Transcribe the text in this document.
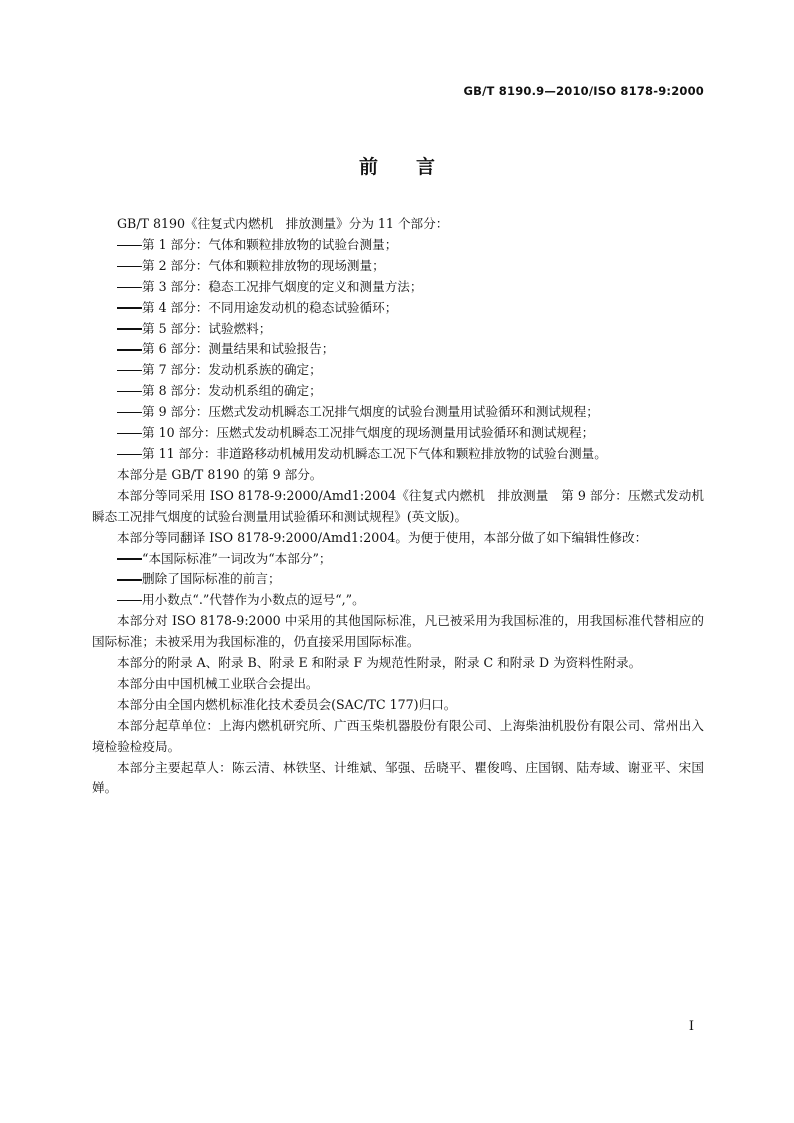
GB/T 8190.9—2010/ISO 8178-9:2000
前言

GB/T 8190《往复式内燃机　排放测量》分为 11 个部分：

第 1 部分：气体和颗粒排放物的试验台测量；

第 2 部分：气体和颗粒排放物的现场测量；

第 3 部分：稳态工况排气烟度的定义和测量方法；

第 4 部分：不同用途发动机的稳态试验循环；

第 5 部分：试验燃料；

第 6 部分：测量结果和试验报告；

第 7 部分：发动机系族的确定；

第 8 部分：发动机系组的确定；

第 9 部分：压燃式发动机瞬态工况排气烟度的试验台测量用试验循环和测试规程；

第 10 部分：压燃式发动机瞬态工况排气烟度的现场测量用试验循环和测试规程；

第 11 部分：非道路移动机械用发动机瞬态工况下气体和颗粒排放物的试验台测量。

本部分是 GB/T 8190 的第 9 部分。

本部分等同采用 ISO 8178-9:2000/Amd1:2004《往复式内燃机　排放测量　第 9 部分：压燃式发动机瞬态工况排气烟度的试验台测量用试验循环和测试规程》(英文版)。

本部分等同翻译 ISO 8178-9:2000/Amd1:2004。为便于使用，本部分做了如下编辑性修改：

“本国际标准”一词改为“本部分”；

删除了国际标准的前言；

用小数点“.”代替作为小数点的逗号“,”。

本部分对 ISO 8178-9:2000 中采用的其他国际标准，凡已被采用为我国标准的，用我国标准代替相应的国际标准；未被采用为我国标准的，仍直接采用国际标准。

本部分的附录 A、附录 B、附录 E 和附录 F 为规范性附录，附录 C 和附录 D 为资料性附录。

本部分由中国机械工业联合会提出。

本部分由全国内燃机标准化技术委员会(SAC/TC 177)归口。

本部分起草单位：上海内燃机研究所、广西玉柴机器股份有限公司、上海柴油机股份有限公司、常州出入境检验检疫局。

本部分主要起草人：陈云清、林铁坚、计维斌、邹强、岳晓平、瞿俊鸣、庄国钢、陆寿域、谢亚平、宋国婵。

I
